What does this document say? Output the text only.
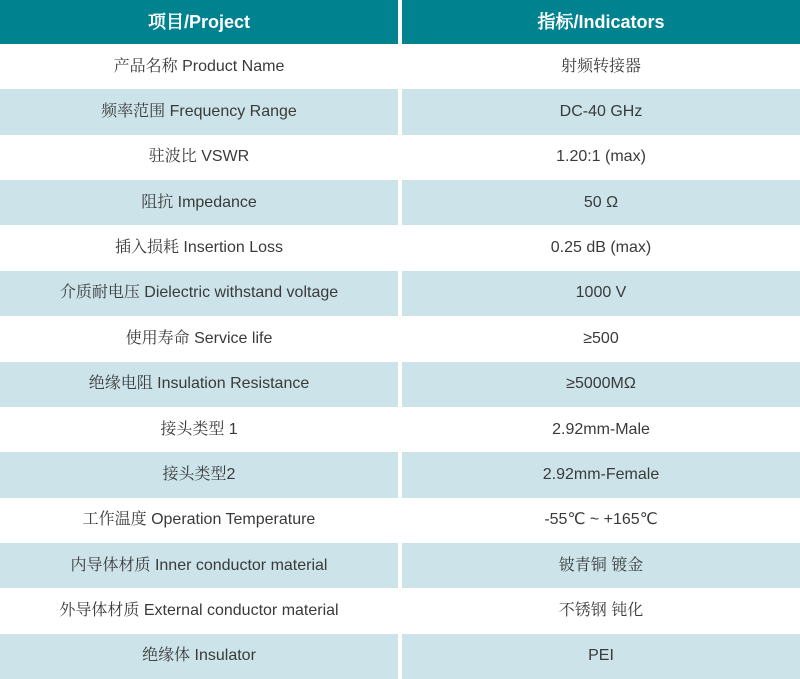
项目/Project	指标/Indicators
产品名称 Product Name	射频转接器
频率范围 Frequency Range	DC-40 GHz
驻波比 VSWR	1.20:1 (max)
阻抗 Impedance	50 Ω
插入损耗 Insertion Loss	0.25 dB (max)
介质耐电压 Dielectric withstand voltage	1000 V
使用寿命 Service life	≥500
绝缘电阻 Insulation Resistance	≥5000MΩ
接头类型 1	2.92mm-Male
接头类型2	2.92mm-Female
工作温度 Operation Temperature	-55℃ ~ +165℃
内导体材质 Inner conductor material	铍青铜 镀金
外导体材质 External conductor material	不锈钢 钝化
绝缘体 Insulator	PEI
